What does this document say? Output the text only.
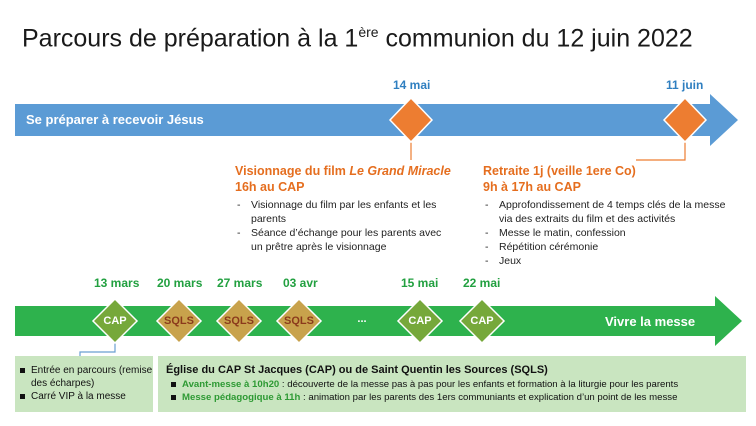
Parcours de préparation à la 1ère communion du 12 juin 2022
Se préparer à recevoir Jésus
14 mai	11 juin
Visionnage du film Le Grand Miracle
16h au CAP
- Visionnage du film par les enfants et les parents
- Séance d’échange pour les parents avec un prêtre après le visionnage
Retraite 1j (veille 1ere Co)
9h à 17h au CAP
- Approfondissement de 4 temps clés de la messe via des extraits du film et des activités
- Messe le matin, confession
- Répétition cérémonie
- Jeux
13 mars 20 mars 27 mars 03 avr	15 mai 22 mai
CAP	SQLS	SQLS	SQLS	...	CAP	CAP	Vivre la messe
Entrée en parcours (remise des écharpes)
Carré VIP à la messe
Église du CAP St Jacques (CAP) ou de Saint Quentin les Sources (SQLS)
Avant-messe à 10h20 : découverte de la messe pas à pas pour les enfants et formation à la liturgie pour les parents
Messe pédagogique à 11h : animation par les parents des 1ers communiants et explication d’un point de les messe
